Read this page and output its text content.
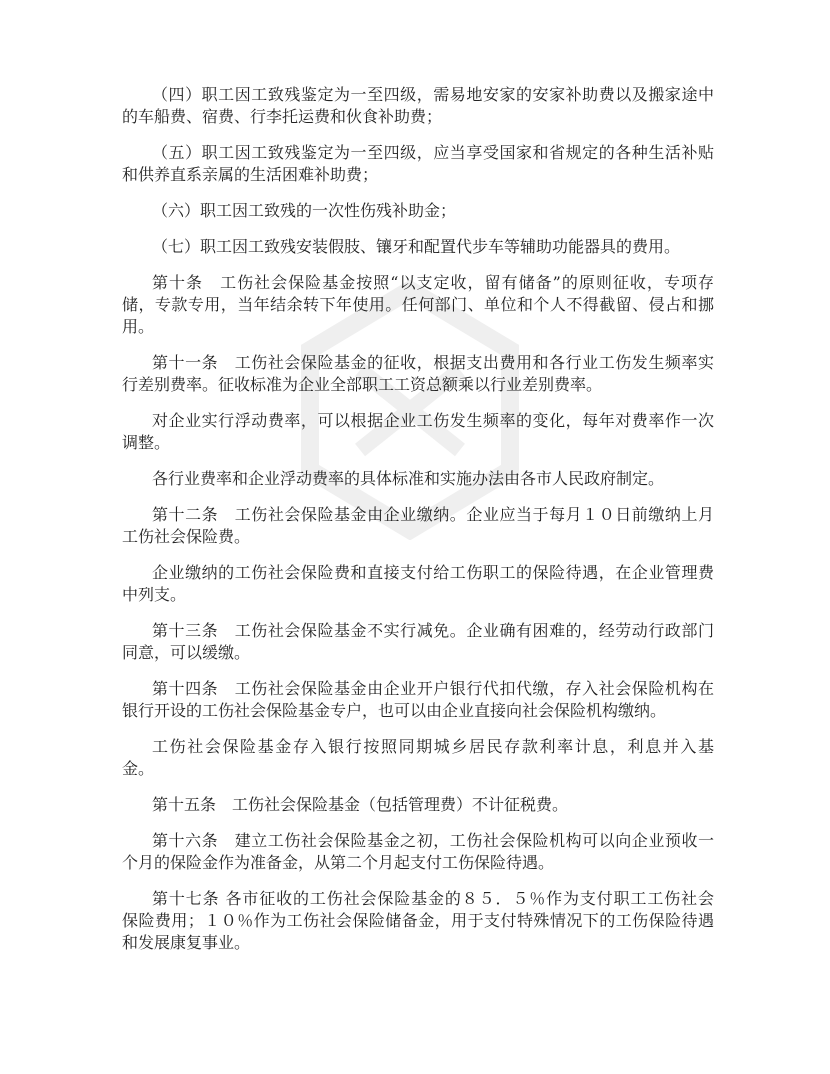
（四）职工因工致残鉴定为一至四级，需易地安家的安家补助费以及搬家途中
的车船费、宿费、行李托运费和伙食补助费；

（五）职工因工致残鉴定为一至四级，应当享受国家和省规定的各种生活补贴
和供养直系亲属的生活困难补助费；

（六）职工因工致残的一次性伤残补助金；

（七）职工因工致残安装假肢、镶牙和配置代步车等辅助功能器具的费用。

第十条　工伤社会保险基金按照“以支定收，留有储备”的原则征收，专项存
储，专款专用，当年结余转下年使用。任何部门、单位和个人不得截留、侵占和挪
用。

第十一条　工伤社会保险基金的征收，根据支出费用和各行业工伤发生频率实
行差别费率。征收标准为企业全部职工工资总额乘以行业差别费率。

对企业实行浮动费率，可以根据企业工伤发生频率的变化，每年对费率作一次
调整。

各行业费率和企业浮动费率的具体标准和实施办法由各市人民政府制定。

第十二条　工伤社会保险基金由企业缴纳。企业应当于每月１０日前缴纳上月
工伤社会保险费。

企业缴纳的工伤社会保险费和直接支付给工伤职工的保险待遇，在企业管理费
中列支。

第十三条　工伤社会保险基金不实行减免。企业确有困难的，经劳动行政部门
同意，可以缓缴。

第十四条　工伤社会保险基金由企业开户银行代扣代缴，存入社会保险机构在
银行开设的工伤社会保险基金专户，也可以由企业直接向社会保险机构缴纳。

工伤社会保险基金存入银行按照同期城乡居民存款利率计息，利息并入基
金。

第十五条　工伤社会保险基金（包括管理费）不计征税费。

第十六条　建立工伤社会保险基金之初，工伤社会保险机构可以向企业预收一
个月的保险金作为准备金，从第二个月起支付工伤保险待遇。

第十七条 各市征收的工伤社会保险基金的８５．５％作为支付职工工伤社会
保险费用；１０％作为工伤社会保险储备金，用于支付特殊情况下的工伤保险待遇
和发展康复事业。
